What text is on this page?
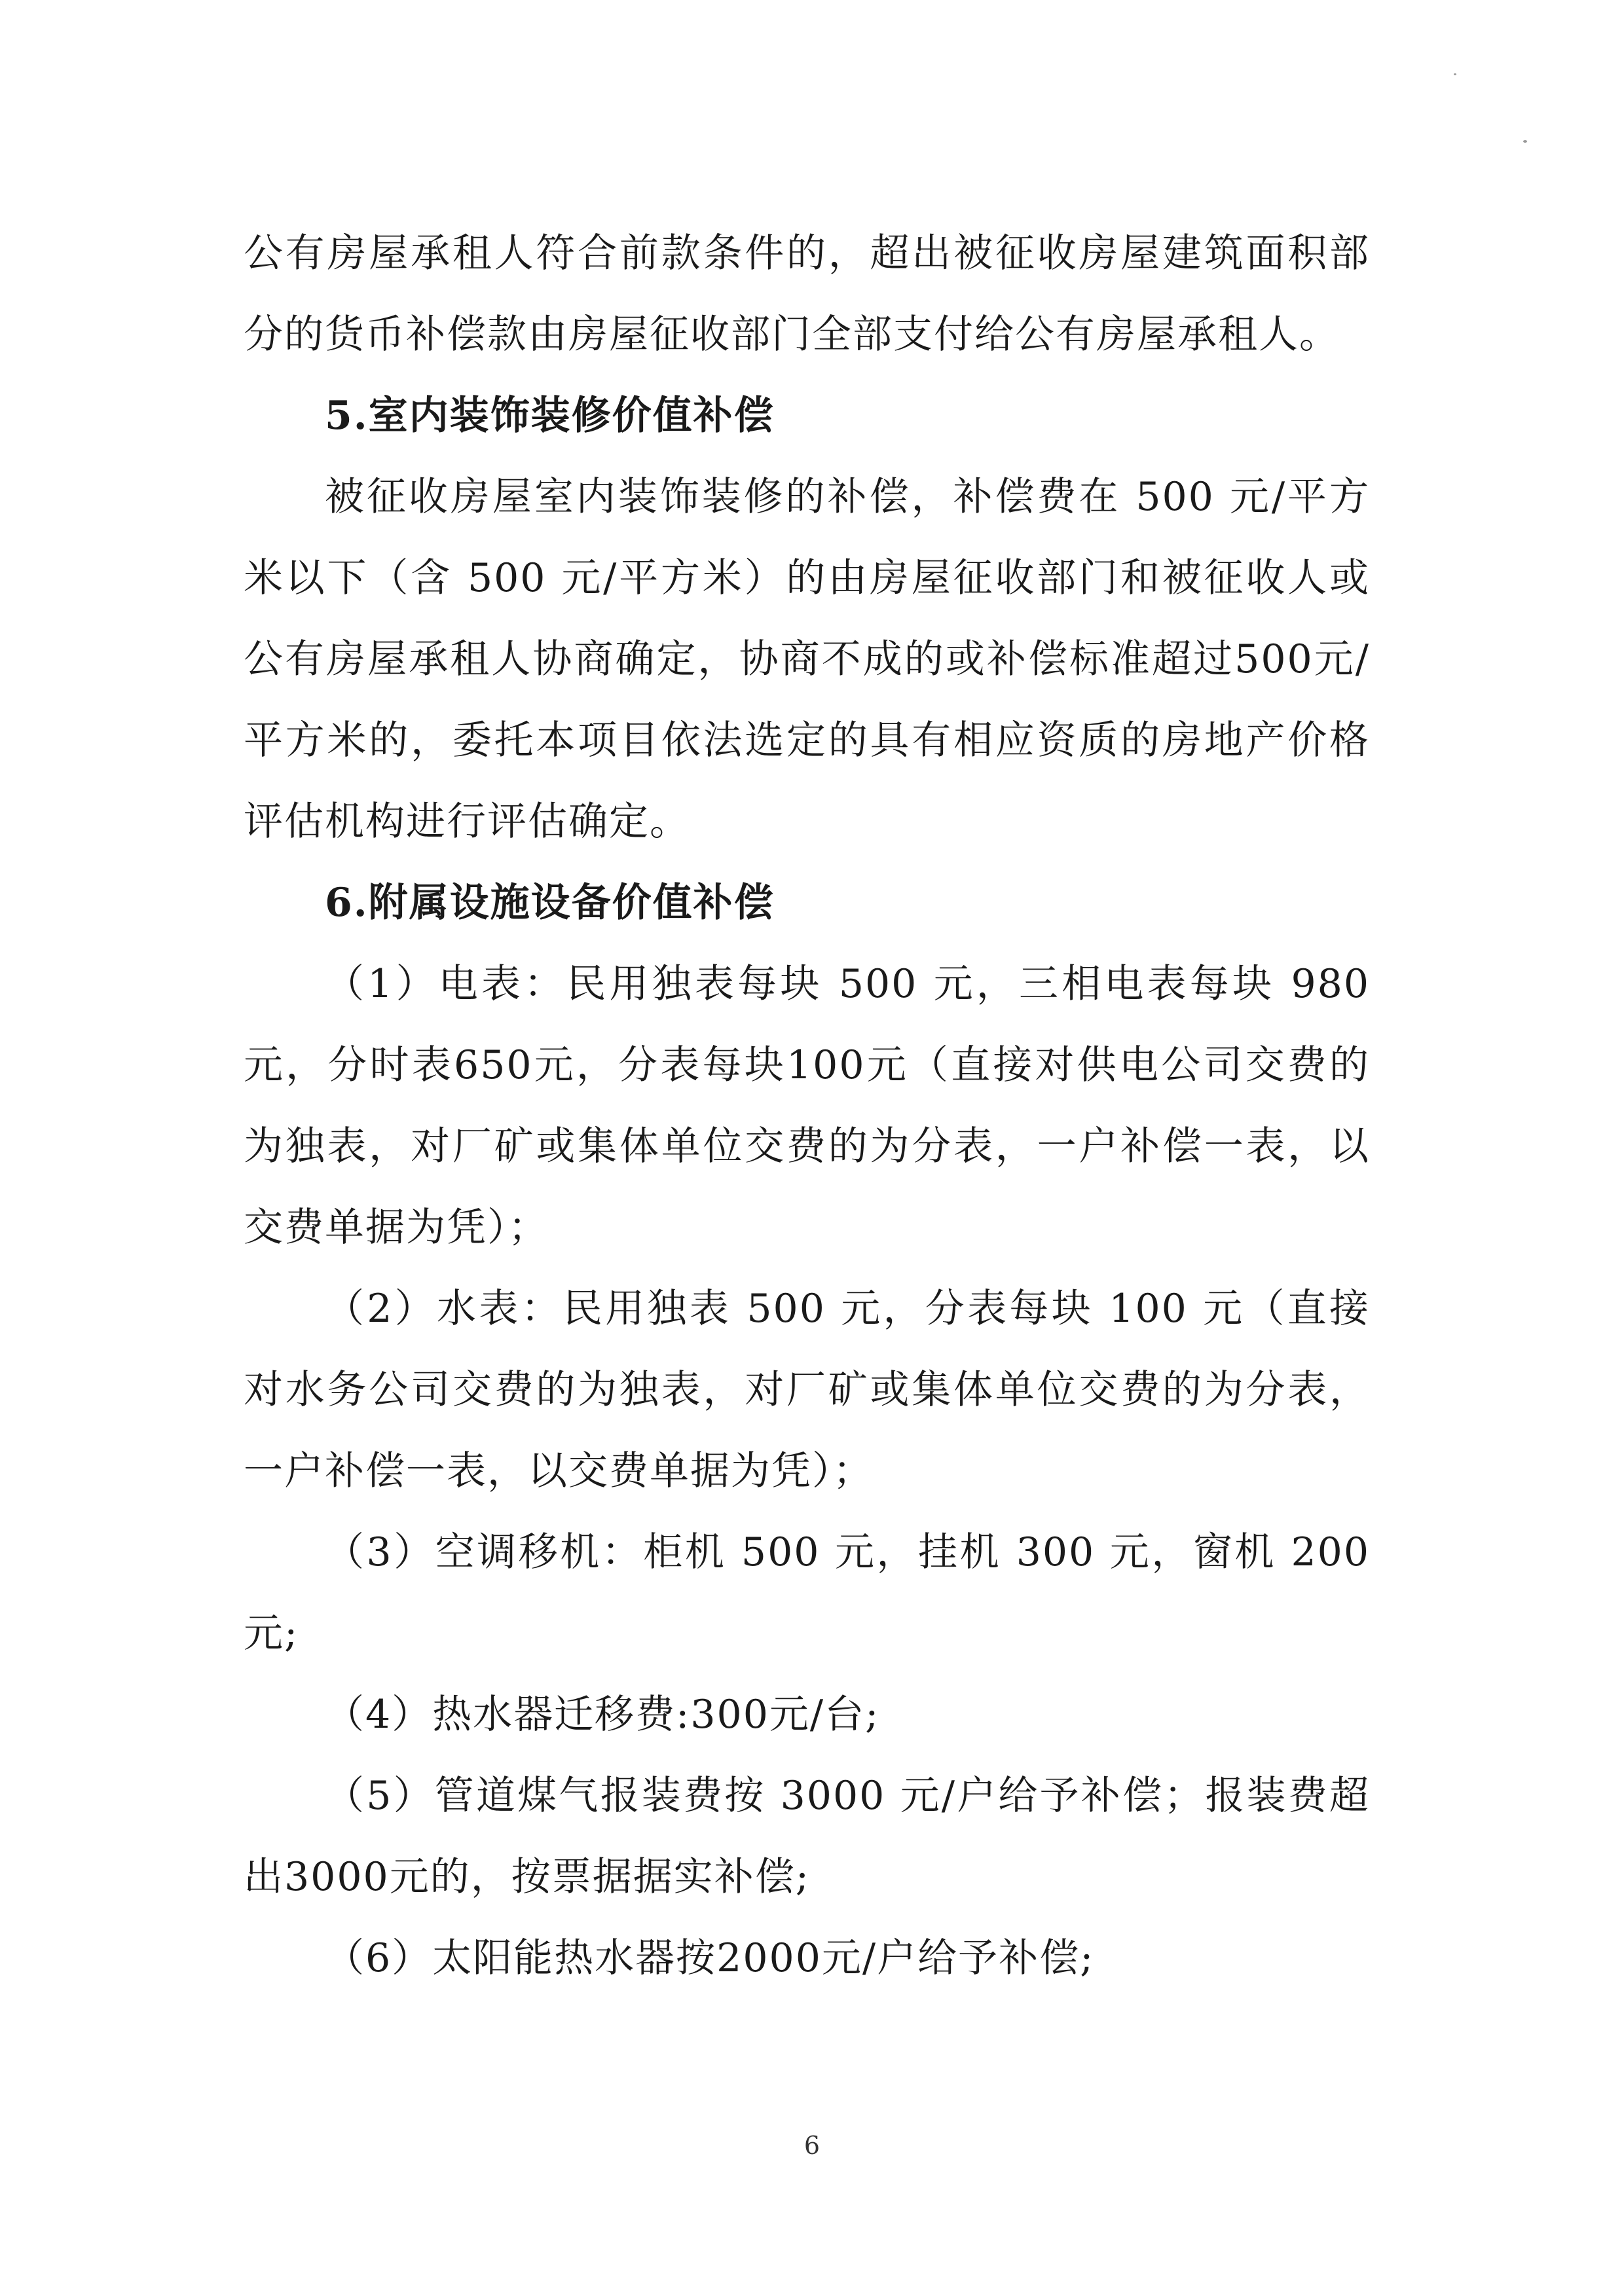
公有房屋承租人符合前款条件的，超出被征收房屋建筑面积部分的货币补偿款由房屋征收部门全部支付给公有房屋承租人。

5.室内装饰装修价值补偿

被征收房屋室内装饰装修的补偿，补偿费在 500 元/平方米以下（含 500 元/平方米）的由房屋征收部门和被征收人或公有房屋承租人协商确定，协商不成的或补偿标准超过500元/平方米的，委托本项目依法选定的具有相应资质的房地产价格评估机构进行评估确定。

6.附属设施设备价值补偿

（1）电表：民用独表每块 500 元，三相电表每块 980元，分时表650元，分表每块100元（直接对供电公司交费的为独表，对厂矿或集体单位交费的为分表，一户补偿一表，以交费单据为凭）；

（2）水表：民用独表 500 元，分表每块 100 元（直接对水务公司交费的为独表，对厂矿或集体单位交费的为分表，一户补偿一表，以交费单据为凭）；

（3）空调移机：柜机 500 元，挂机 300 元，窗机 200元;

（4）热水器迁移费:300元/台;

（5）管道煤气报装费按 3000 元/户给予补偿；报装费超出3000元的，按票据据实补偿;

（6）太阳能热水器按2000元/户给予补偿;

6
